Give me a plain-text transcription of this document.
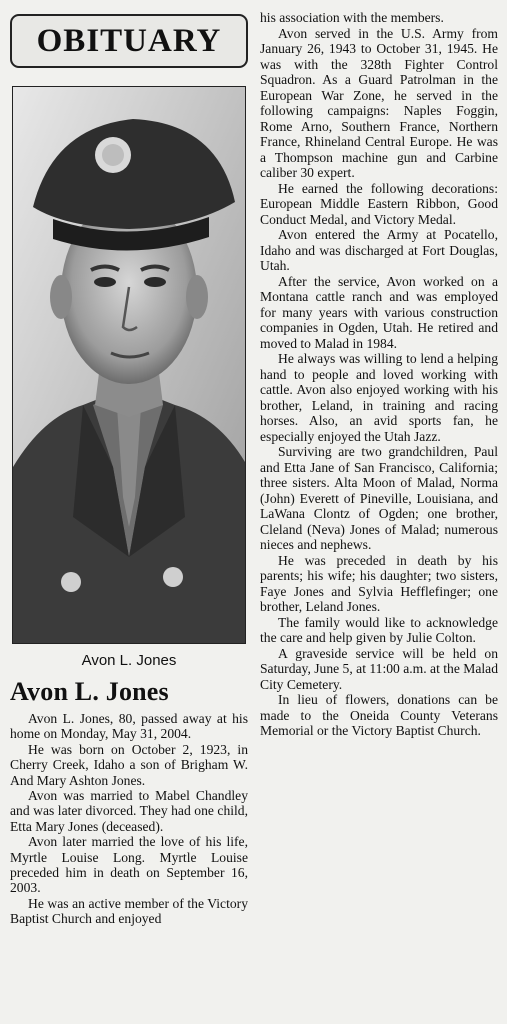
OBITUARY
Avon L. Jones
Avon L. Jones

Avon L. Jones, 80, passed away at his home on Monday, May 31, 2004.

He was born on October 2, 1923, in Cherry Creek, Idaho a son of Brigham W. And Mary Ashton Jones.

Avon was married to Mabel Chandley and was later divorced. They had one child, Etta Mary Jones (deceased).

Avon later married the love of his life, Myrtle Louise Long. Myrtle Louise preceded him in death on September 16, 2003.

He was an active member of the Victory Baptist Church and enjoyed

his association with the members.

Avon served in the U.S. Army from January 26, 1943 to October 31, 1945. He was with the 328th Fighter Control Squadron. As a Guard Patrolman in the European War Zone, he served in the following campaigns: Naples Foggin, Rome Arno, Southern France, Northern France, Rhineland Central Europe. He was a Thompson machine gun and Carbine caliber 30 expert.

He earned the following decorations: European Middle Eastern Ribbon, Good Conduct Medal, and Victory Medal.

Avon entered the Army at Pocatello, Idaho and was discharged at Fort Douglas, Utah.

After the service, Avon worked on a Montana cattle ranch and was employed for many years with various construction companies in Ogden, Utah. He retired and moved to Malad in 1984.

He always was willing to lend a helping hand to people and loved working with cattle. Avon also enjoyed working with his brother, Leland, in training and racing horses. Also, an avid sports fan, he especially enjoyed the Utah Jazz.

Surviving are two grandchildren, Paul and Etta Jane of San Francisco, California; three sisters. Alta Moon of Malad, Norma (John) Everett of Pineville, Louisiana, and LaWana Clontz of Ogden; one brother, Cleland (Neva) Jones of Malad; numerous nieces and nephews.

He was preceded in death by his parents; his wife; his daughter; two sisters, Faye Jones and Sylvia Hefflefinger; one brother, Leland Jones.

The family would like to acknowledge the care and help given by Julie Colton.

A graveside service will be held on Saturday, June 5, at 11:00 a.m. at the Malad City Cemetery.

In lieu of flowers, donations can be made to the Oneida County Veterans Memorial or the Victory Baptist Church.
